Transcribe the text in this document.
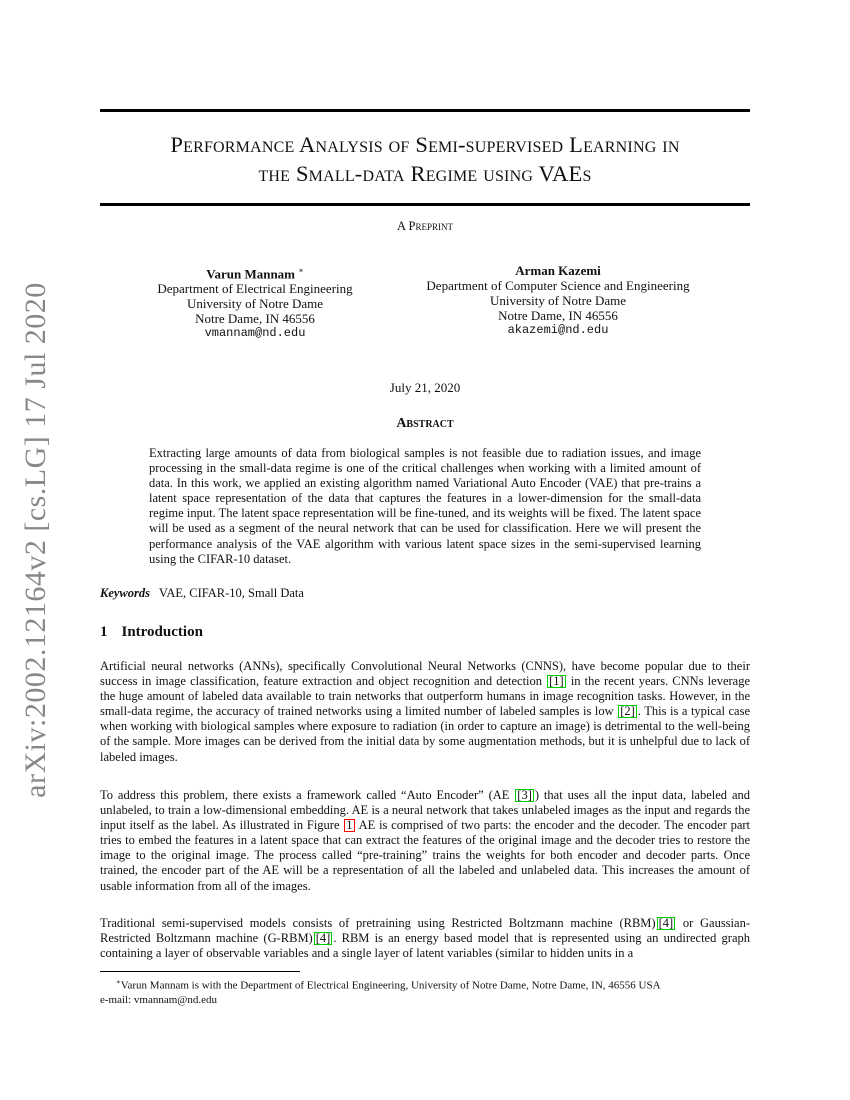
arXiv:2002.12164v2 [cs.LG] 17 Jul 2020
Performance Analysis of Semi-supervised Learning in
the Small-data Regime using VAEs
A Preprint
Varun Mannam ∗
Department of Electrical Engineering
University of Notre Dame
Notre Dame, IN 46556
vmannam@nd.edu
Arman Kazemi
Department of Computer Science and Engineering
University of Notre Dame
Notre Dame, IN 46556
akazemi@nd.edu
July 21, 2020
Abstract
Extracting large amounts of data from biological samples is not feasible due to radiation issues, and image processing in the small-data regime is one of the critical challenges when working with a limited amount of data. In this work, we applied an existing algorithm named Variational Auto Encoder (VAE) that pre-trains a latent space representation of the data that captures the features in a lower-dimension for the small-data regime input. The latent space representation will be fine-tuned, and its weights will be fixed. The latent space will be used as a segment of the neural network that can be used for classification. Here we will present the performance analysis of the VAE algorithm with various latent space sizes in the semi-supervised learning using the CIFAR-10 dataset.
Keywords VAE, CIFAR-10, Small Data
1 Introduction
Artificial neural networks (ANNs), specifically Convolutional Neural Networks (CNNS), have become popular due to their success in image classification, feature extraction and object recognition and detection [1] in the recent years. CNNs leverage the huge amount of labeled data available to train networks that outperform humans in image recognition tasks. However, in the small-data regime, the accuracy of trained networks using a limited number of labeled samples is low [2] . This is a typical case when working with biological samples where exposure to radiation (in order to capture an image) is detrimental to the well-being of the sample. More images can be derived from the initial data by some augmentation methods, but it is unhelpful due to lack of labeled images.
To address this problem, there exists a framework called “Auto Encoder” (AE [3] ) that uses all the input data, labeled and unlabeled, to train a low-dimensional embedding. AE is a neural network that takes unlabeled images as the input and regards the input itself as the label. As illustrated in Figure 1 AE is comprised of two parts: the encoder and the decoder. The encoder part tries to embed the features in a latent space that can extract the features of the original image and the decoder tries to restore the image to the original image. The process called “pre-training” trains the weights for both encoder and decoder parts. Once trained, the encoder part of the AE will be a representation of all the labeled and unlabeled data. This increases the amount of usable information from all of the images.
Traditional semi-supervised models consists of pretraining using Restricted Boltzmann machine (RBM) [4] or Gaussian-Restricted Boltzmann machine (G-RBM) [4] . RBM is an energy based model that is represented using an undirected graph containing a layer of observable variables and a single layer of latent variables (similar to hidden units in a
∗Varun Mannam is with the Department of Electrical Engineering, University of Notre Dame, Notre Dame, IN, 46556 USA
e-mail: vmannam@nd.edu
